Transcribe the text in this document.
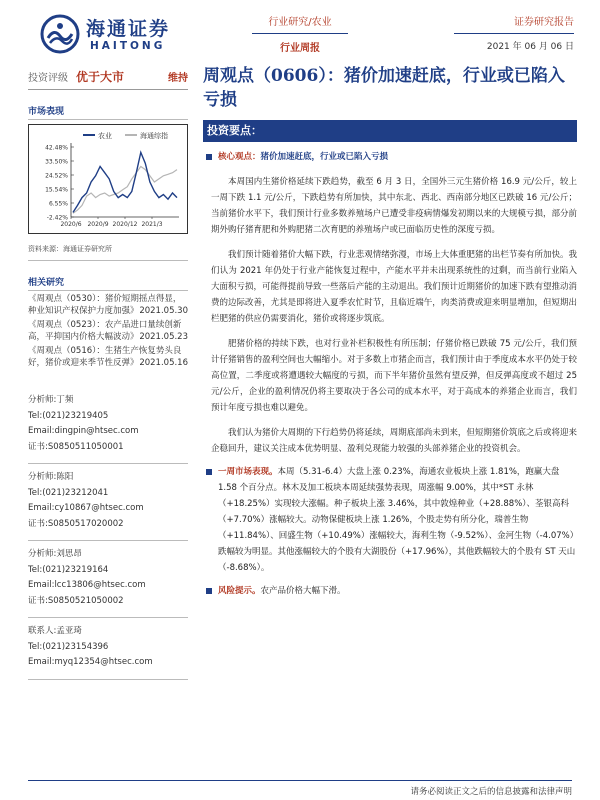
海通证券
HAITONG
行业研究/农业
行业周报
证券研究报告
2021 年 06 月 06 日
投资评级 优于大市	维持
市场表现
农业	海通综指
42.48%
33.50%
24.52%
15.54%
6.55%
-2.42%
2020/6 2020/9 2020/12 2021/3
资料来源：海通证券研究所
相关研究
《周观点（0530）：猪价短期摇点得显，种业知识产权保护力度加强》 2021.05.30
《周观点（0523）：农产品进口量续创新高，平抑国内价格大幅波动》 2021.05.23
《周观点（0516）：生猪生产恢复势头良好，猪价或迎来季节性反弹》 2021.05.16
分析师:丁频
Tel:(021)23219405
Email:dingpin@htsec.com
证书:S0850511050001
分析师:陈阳
Tel:(021)23212041
Email:cy10867@htsec.com
证书:S0850517020002
分析师:刘思昂
Tel:(021)23219164
Email:lcc13806@htsec.com
证书:S0850521050002
联系人:孟亚琦
Tel:(021)23154396
Email:myq12354@htsec.com
周观点（0606）：猪价加速赶底，行业或已陷入亏损
投资要点：
核心观点：猪价加速赶底，行业或已陷入亏损

本周国内生猪价格延续下跌趋势，截至 6 月 3 日，全国外三元生猪价格 16.9 元/公斤，较上一周下跌 1.1 元/公斤，下跌趋势有所加快，其中东北、西北、西南部分地区已跌破 16 元/公斤；当前猪价水平下，我们预计行业多数养殖场户已遭受非疫病情爆发初期以来的大规模亏损，部分前期外购仔猪育肥和外购肥猪二次育肥的养殖场户或已面临历史性的深度亏损。

我们预计随着猪价大幅下跌，行业悲观情绪弥漫，市场上大体重肥猪的出栏节奏有所加快。我们认为 2021 年仍处于行业产能恢复过程中，产能水平并未出现系统性的过剩，而当前行业陷入大面积亏损，可能得提前导致一些落后产能的主动退出。我们预计近期猪价的加速下跌有望推动消费的边际改善，尤其是即将进入夏季农忙时节，且临近端午，肉类消费或迎来明显增加，但短期出栏肥猪的供应仍需要消化，猪价或将逐步筑底。

肥猪价格的持续下跌，也对行业补栏积极性有所压制；仔猪价格已跌破 75 元/公斤，我们预计仔猪销售的盈利空间也大幅缩小。对于多数上市猪企而言，我们预计由于季度成本水平仍处于较高位置，二季度或将遭遇较大幅度的亏损，而下半年猪价虽然有望反弹，但反弹高度或不超过 25 元/公斤，企业的盈利情况仍将主要取决于各公司的成本水平，对于高成本的养猪企业而言，我们预计年度亏损也难以避免。

我们认为猪价大周期的下行趋势仍将延续，周期底部尚未到来，但短期猪价筑底之后或将迎来企稳回升，建议关注成本优势明显、盈利兑现能力较强的头部养猪企业的投资机会。

一周市场表现。本周（5.31-6.4）大盘上涨 0.23%，海通农业板块上涨 1.81%，跑赢大盘 1.58 个百分点。林木及加工板块本周延续强势表现，周涨幅 9.00%，其中*ST 永林（+18.25%）实现较大涨幅。种子板块上涨 3.46%，其中敦煌种业（+28.88%）、荃银高科（+7.70%）涨幅较大。动物保健板块上涨 1.26%，个股走势有所分化，瑞普生物（+11.84%）、回盛生物（+10.49%）涨幅较大，海利生物（-9.52%）、金河生物（-4.07%）跌幅较为明显。其他涨幅较大的个股有大湖股份（+17.96%），其他跌幅较大的个股有 ST 天山（-8.68%）。
风险提示。农产品价格大幅下滑。
请务必阅读正文之后的信息披露和法律声明
